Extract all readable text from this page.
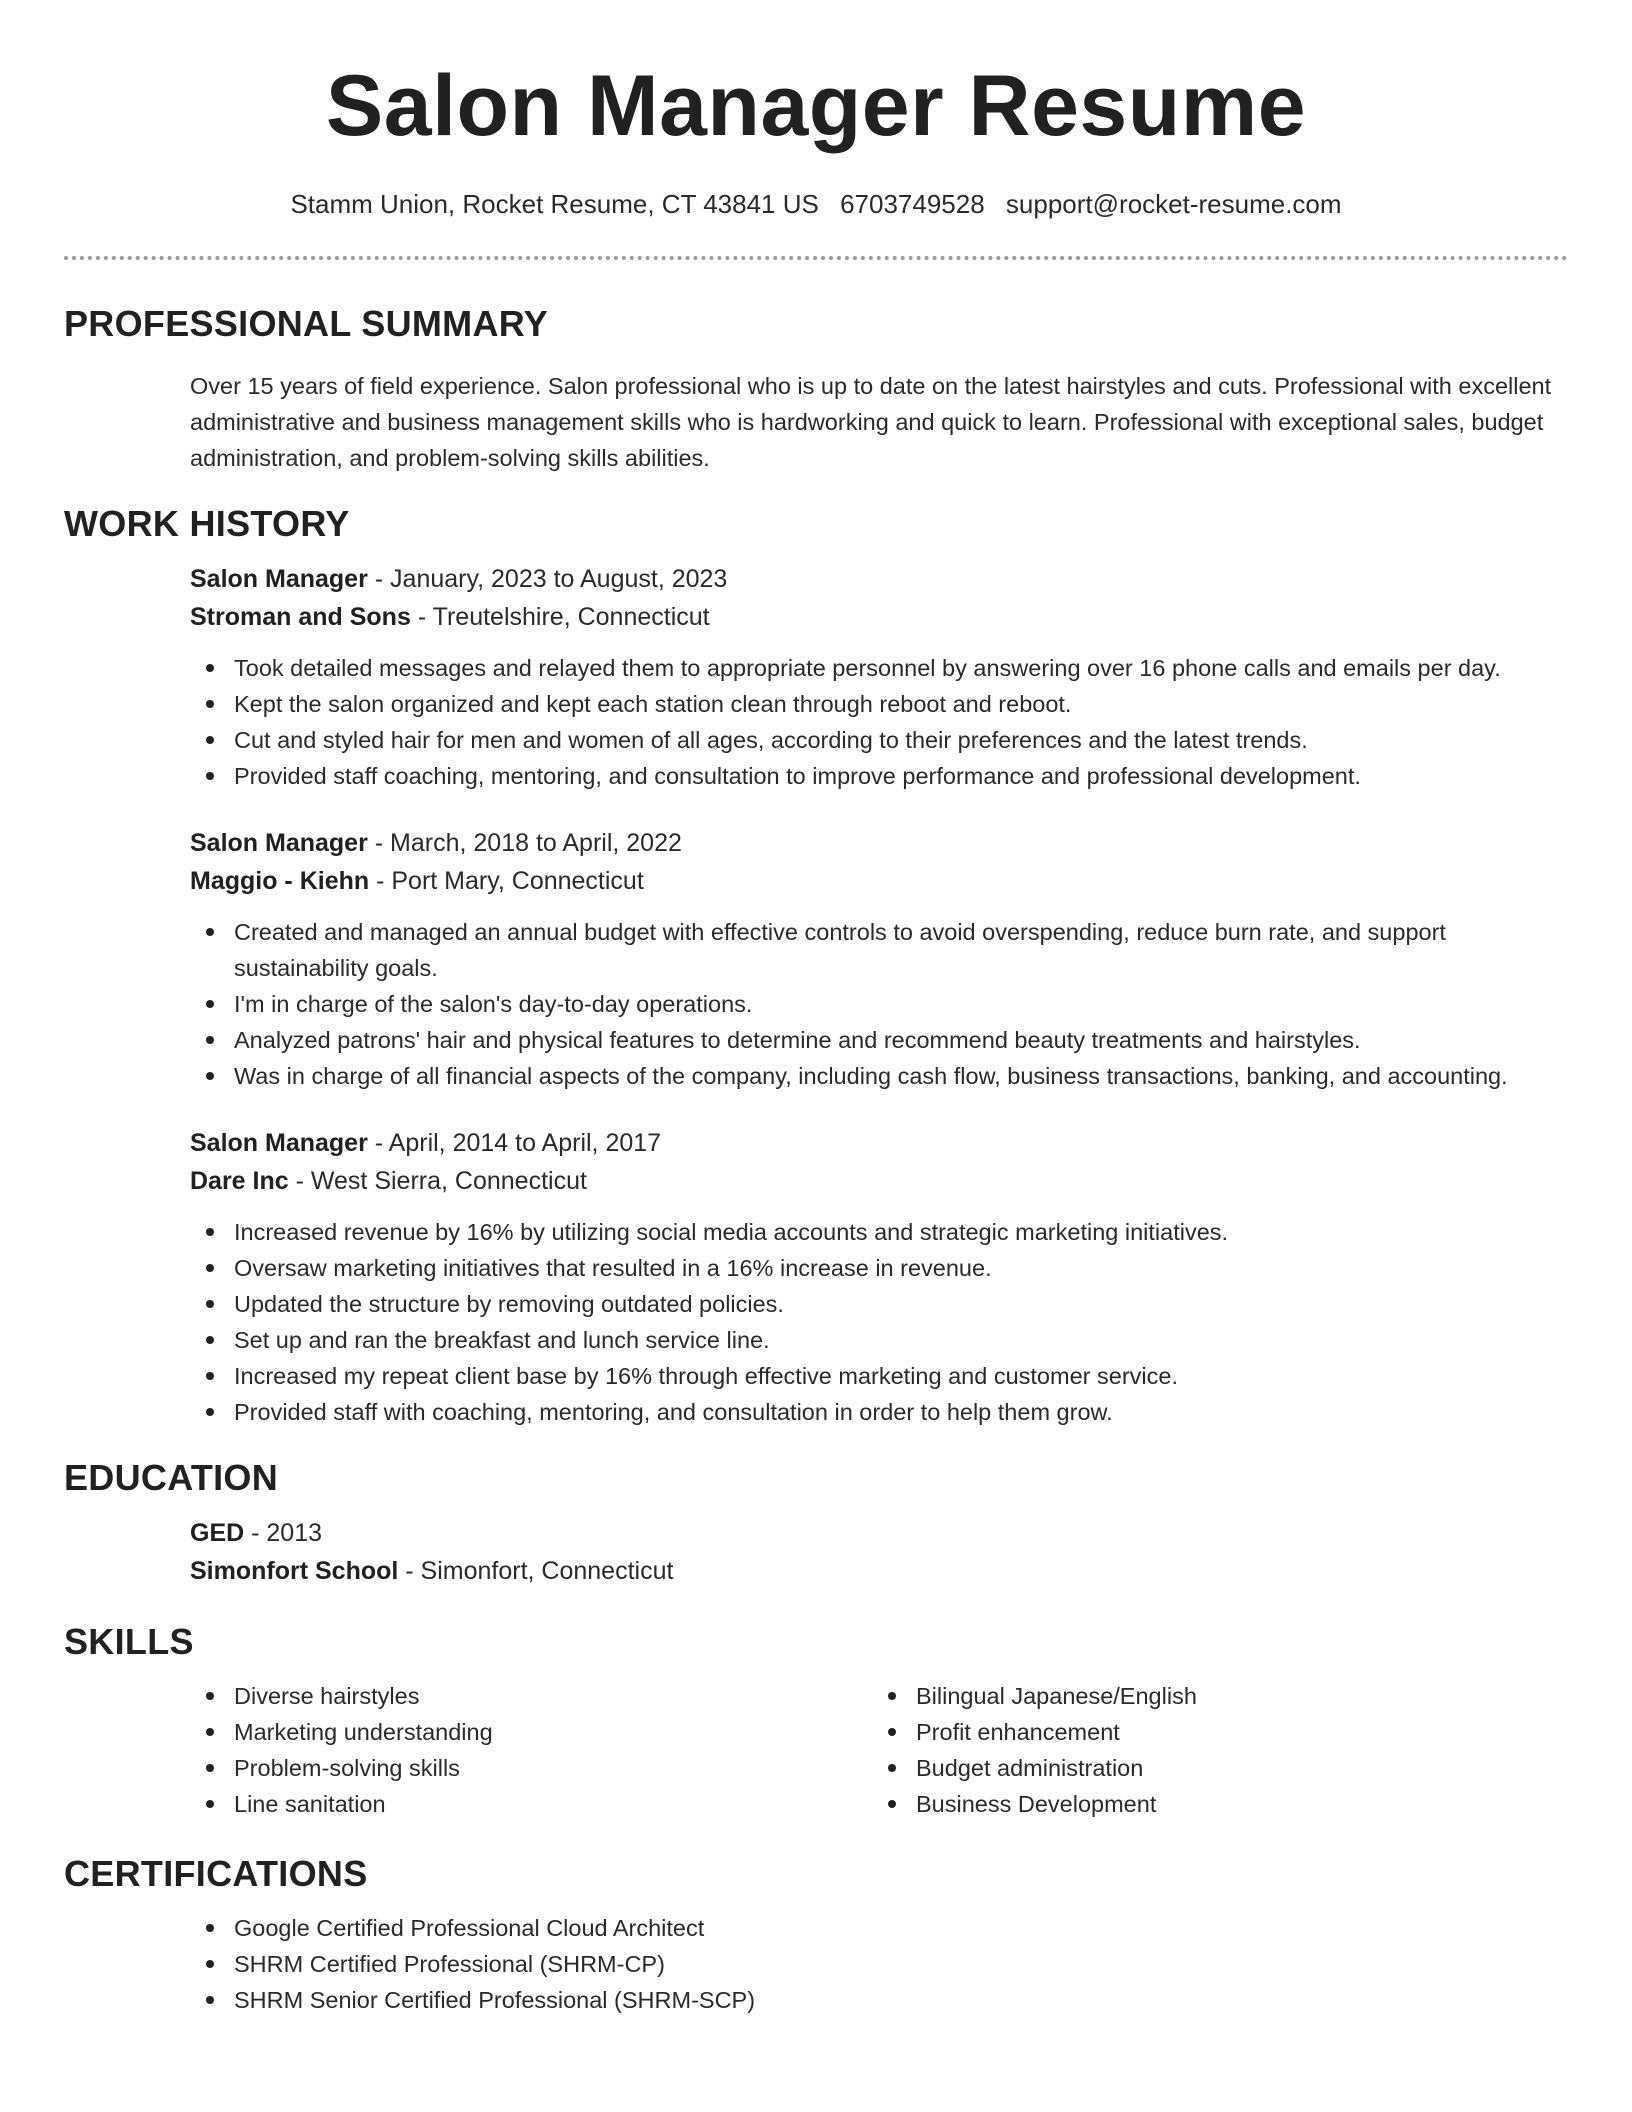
Salon Manager Resume
Stamm Union, Rocket Resume, CT 43841 US 6703749528 support@rocket-resume.com
PROFESSIONAL SUMMARY

Over 15 years of field experience. Salon professional who is up to date on the latest hairstyles and cuts. Professional with excellent administrative and business management skills who is hardworking and quick to learn. Professional with exceptional sales, budget administration, and problem-solving skills abilities.

WORK HISTORY
Salon Manager - January, 2023 to August, 2023
Stroman and Sons - Treutelshire, Connecticut
Took detailed messages and relayed them to appropriate personnel by answering over 16 phone calls and emails per day.
Kept the salon organized and kept each station clean through reboot and reboot.
Cut and styled hair for men and women of all ages, according to their preferences and the latest trends.
Provided staff coaching, mentoring, and consultation to improve performance and professional development.
Salon Manager - March, 2018 to April, 2022
Maggio - Kiehn - Port Mary, Connecticut
Created and managed an annual budget with effective controls to avoid overspending, reduce burn rate, and support sustainability goals.
I'm in charge of the salon's day-to-day operations.
Analyzed patrons' hair and physical features to determine and recommend beauty treatments and hairstyles.
Was in charge of all financial aspects of the company, including cash flow, business transactions, banking, and accounting.
Salon Manager - April, 2014 to April, 2017
Dare Inc - West Sierra, Connecticut
Increased revenue by 16% by utilizing social media accounts and strategic marketing initiatives.
Oversaw marketing initiatives that resulted in a 16% increase in revenue.
Updated the structure by removing outdated policies.
Set up and ran the breakfast and lunch service line.
Increased my repeat client base by 16% through effective marketing and customer service.
Provided staff with coaching, mentoring, and consultation in order to help them grow.
EDUCATION
GED - 2013
Simonfort School - Simonfort, Connecticut
SKILLS
Diverse hairstyles
Marketing understanding
Problem-solving skills
Line sanitation
Bilingual Japanese/English
Profit enhancement
Budget administration
Business Development
CERTIFICATIONS
Google Certified Professional Cloud Architect
SHRM Certified Professional (SHRM-CP)
SHRM Senior Certified Professional (SHRM-SCP)
